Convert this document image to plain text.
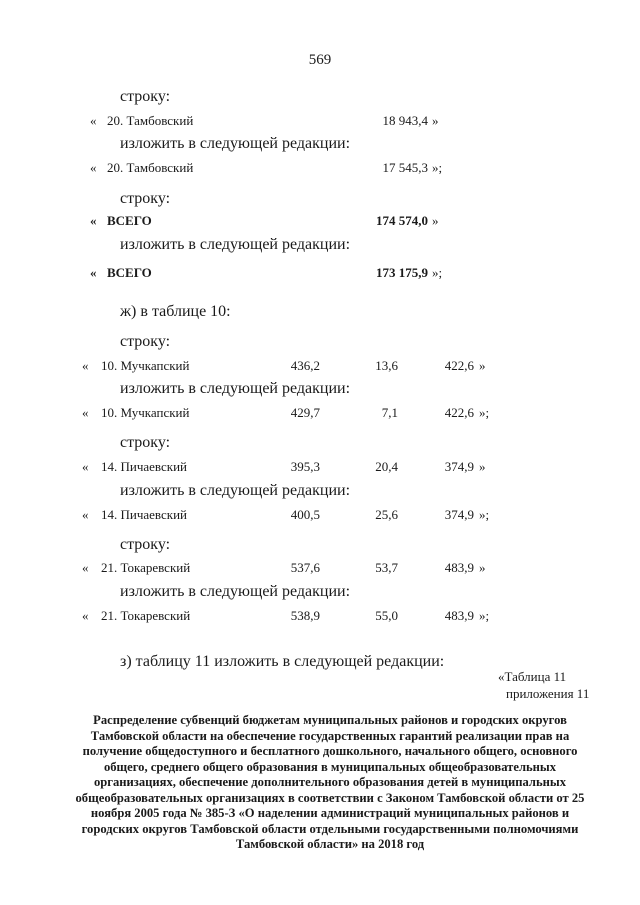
569
строку:
« 20. Тамбовский	18 943,4 »
изложить в следующей редакции:
« 20. Тамбовский	17 545,3 »;
строку:
« ВСЕГО	174 574,0 »
изложить в следующей редакции:
« ВСЕГО	173 175,9 »;
ж) в таблице 10:
строку:
« 10. Мучкапский	436,2	13,6	422,6 »
изложить в следующей редакции:
« 10. Мучкапский	429,7	7,1	422,6 »;
строку:
« 14. Пичаевский	395,3	20,4	374,9 »
изложить в следующей редакции:
« 14. Пичаевский	400,5	25,6	374,9 »;
строку:
« 21. Токаревский	537,6	53,7	483,9 »
изложить в следующей редакции:
« 21. Токаревский	538,9	55,0	483,9 »;
з) таблицу 11 изложить в следующей редакции:
«Таблица 11
приложения 11
Распределение субвенций бюджетам муниципальных районов и городских округов Тамбовской области на обеспечение государственных гарантий реализации прав на получение общедоступного и бесплатного дошкольного, начального общего, основного общего, среднего общего образования в муниципальных общеобразовательных организациях, обеспечение дополнительного образования детей в муниципальных общеобразовательных организациях в соответствии с Законом Тамбовской области от 25 ноября 2005 года № 385-З «О наделении администраций муниципальных районов и городских округов Тамбовской области отдельными государственными полномочиями Тамбовской области» на 2018 год
